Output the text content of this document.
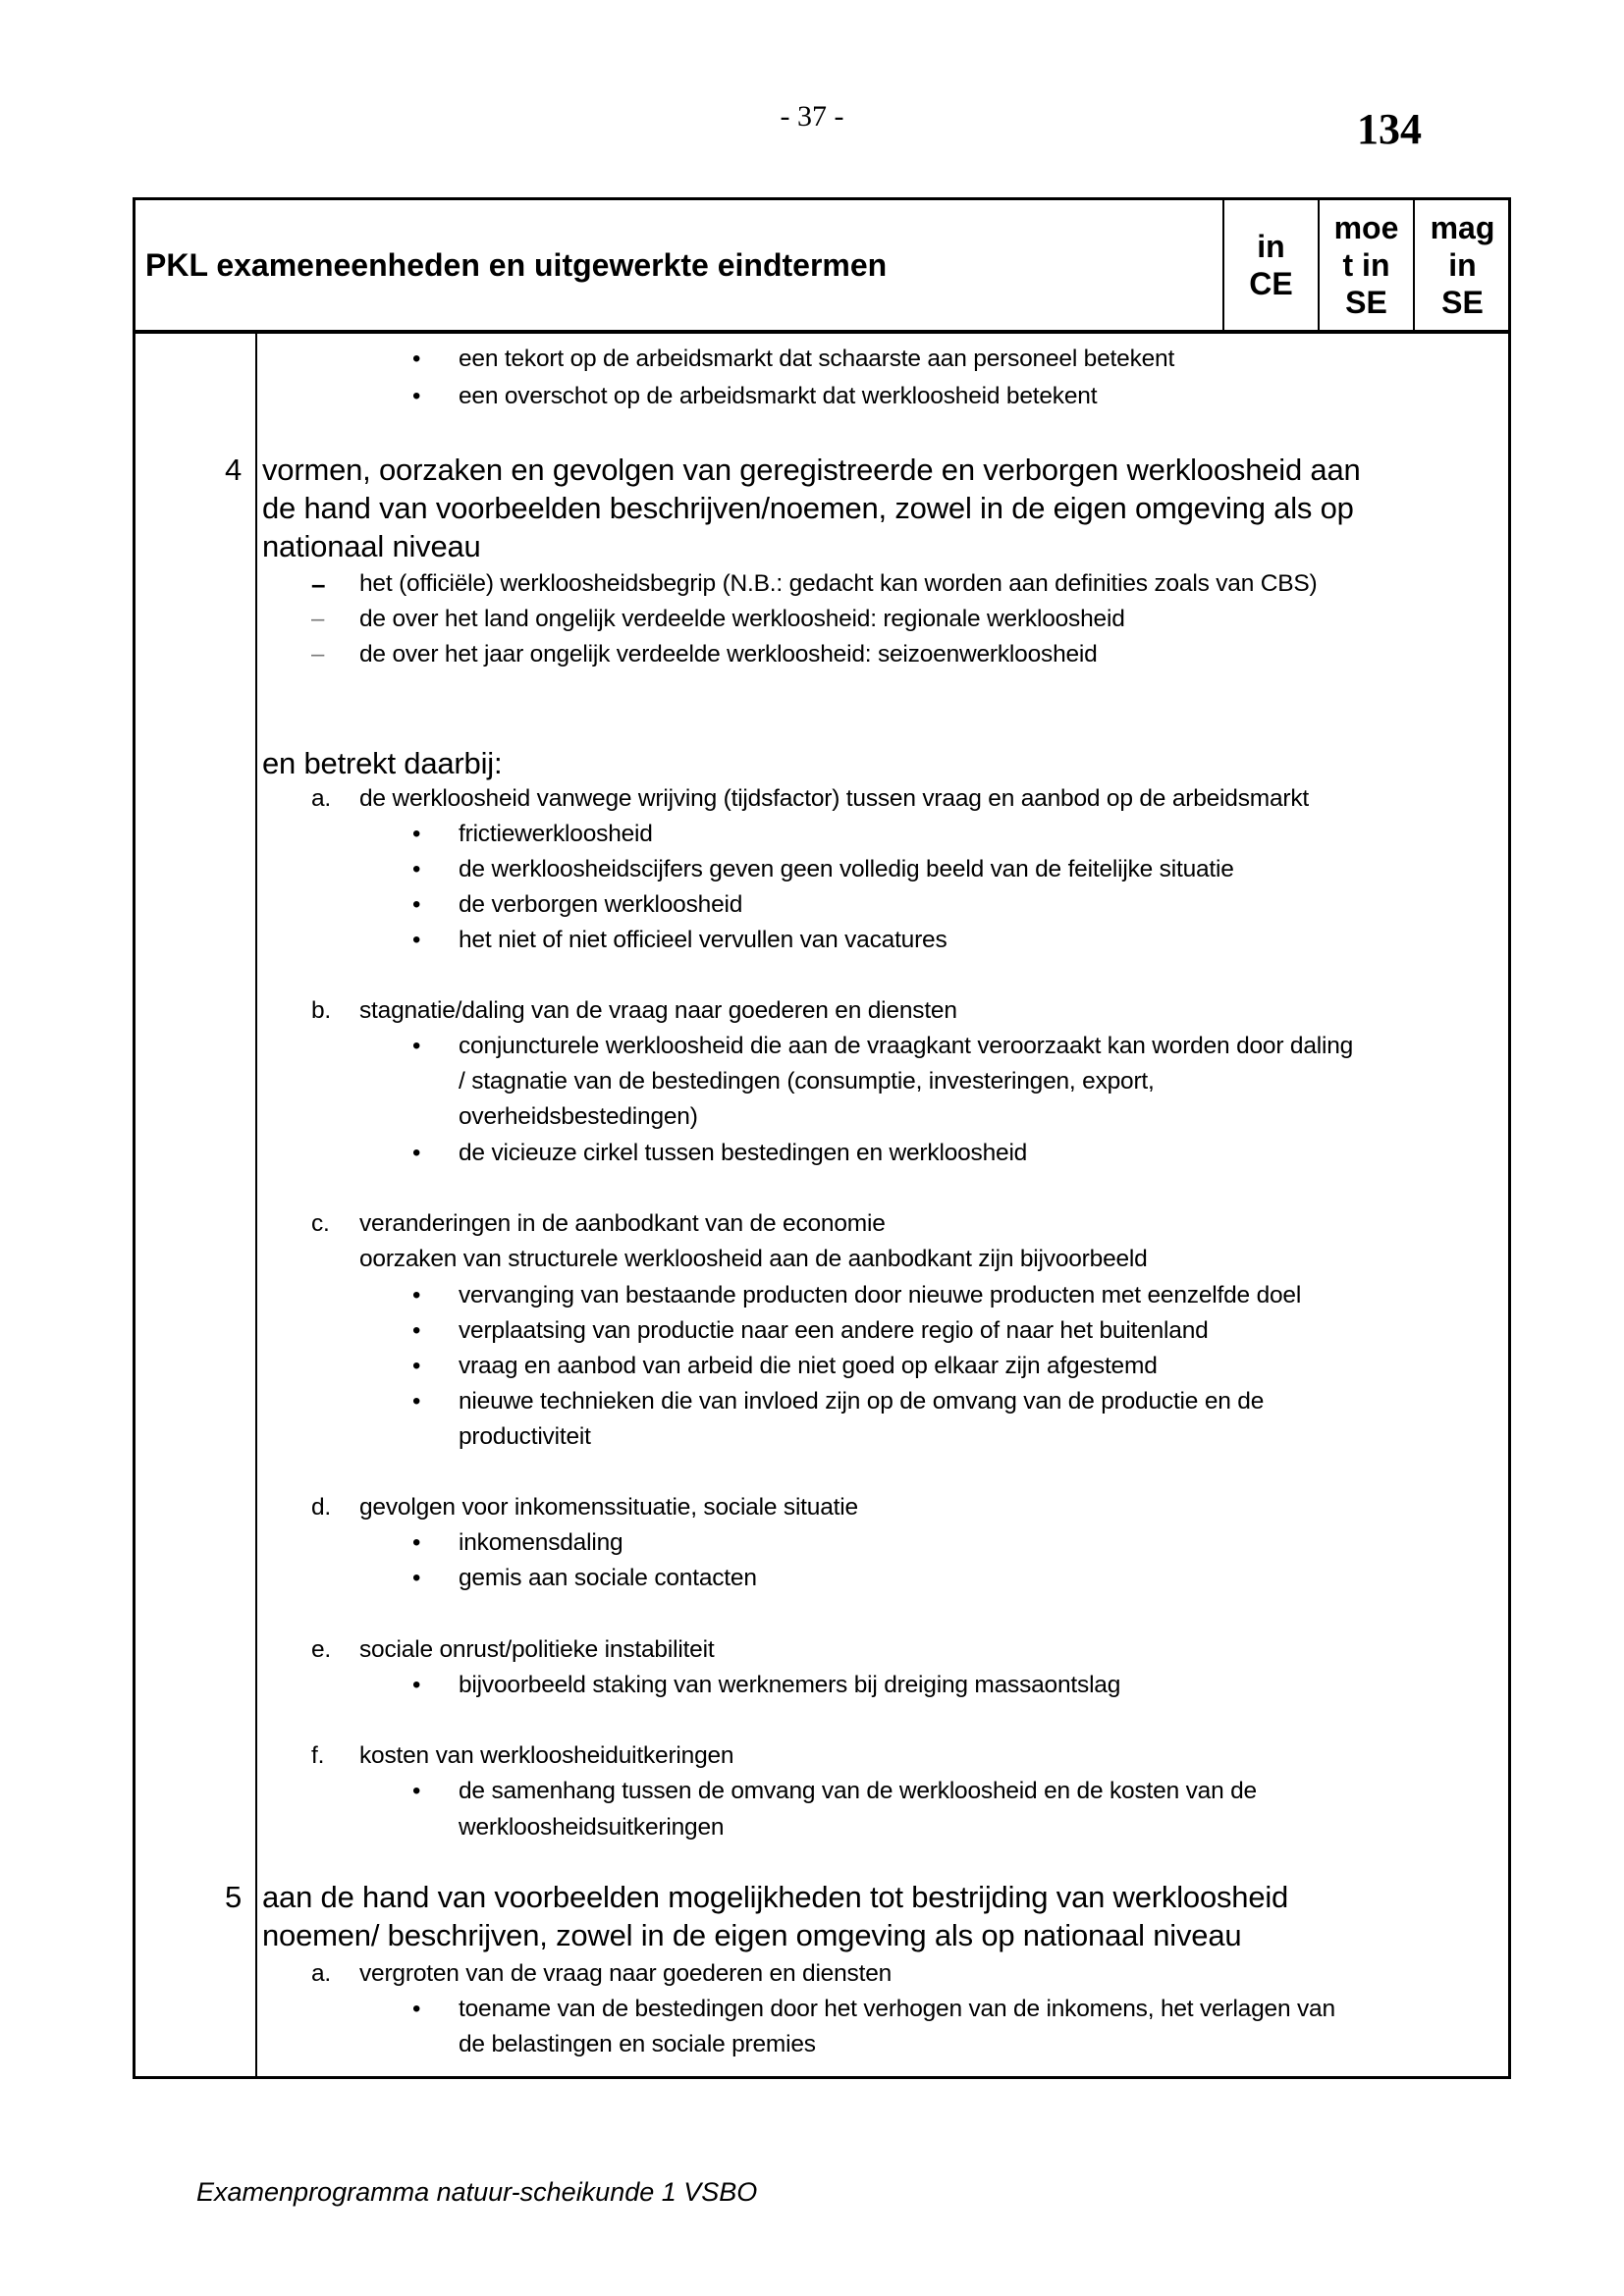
- 37 -	134
PKL exameneenheden en uitgewerkte eindtermen
in
CE
moe
t in
SE
mag
in
SE
• een tekort op de arbeidsmarkt dat schaarste aan personeel betekent
• een overschot op de arbeidsmarkt dat werkloosheid betekent
4 vormen, oorzaken en gevolgen van geregistreerde en verborgen werkloosheid aan
de hand van voorbeelden beschrijven/noemen, zowel in de eigen omgeving als op
nationaal niveau
– het (officiële) werkloosheidsbegrip (N.B.: gedacht kan worden aan definities zoals van CBS)
– de over het land ongelijk verdeelde werkloosheid: regionale werkloosheid
– de over het jaar ongelijk verdeelde werkloosheid: seizoenwerkloosheid
en betrekt daarbij:
a. de werkloosheid vanwege wrijving (tijdsfactor) tussen vraag en aanbod op de arbeidsmarkt
• frictiewerkloosheid
• de werkloosheidscijfers geven geen volledig beeld van de feitelijke situatie
• de verborgen werkloosheid
• het niet of niet officieel vervullen van vacatures
b. stagnatie/daling van de vraag naar goederen en diensten
• conjuncturele werkloosheid die aan de vraagkant veroorzaakt kan worden door daling
/ stagnatie van de bestedingen (consumptie, investeringen, export,
overheidsbestedingen)
• de vicieuze cirkel tussen bestedingen en werkloosheid
c. veranderingen in de aanbodkant van de economie
oorzaken van structurele werkloosheid aan de aanbodkant zijn bijvoorbeeld
• vervanging van bestaande producten door nieuwe producten met eenzelfde doel
• verplaatsing van productie naar een andere regio of naar het buitenland
• vraag en aanbod van arbeid die niet goed op elkaar zijn afgestemd
• nieuwe technieken die van invloed zijn op de omvang van de productie en de
productiviteit
d. gevolgen voor inkomenssituatie, sociale situatie
• inkomensdaling
• gemis aan sociale contacten
e. sociale onrust/politieke instabiliteit
• bijvoorbeeld staking van werknemers bij dreiging massaontslag
f. kosten van werkloosheiduitkeringen
• de samenhang tussen de omvang van de werkloosheid en de kosten van de
werkloosheidsuitkeringen
5 aan de hand van voorbeelden mogelijkheden tot bestrijding van werkloosheid
noemen/ beschrijven, zowel in de eigen omgeving als op nationaal niveau
a. vergroten van de vraag naar goederen en diensten
• toename van de bestedingen door het verhogen van de inkomens, het verlagen van
de belastingen en sociale premies
Examenprogramma natuur-scheikunde 1 VSBO
